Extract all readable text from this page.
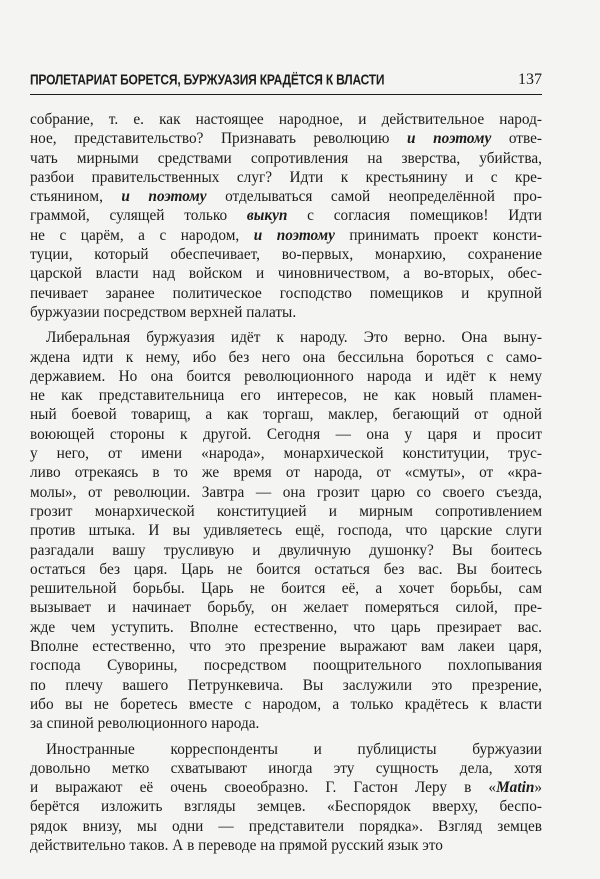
ПРОЛЕТАРИАТ БОРЕТСЯ, БУРЖУАЗИЯ КРАДЁТСЯ К ВЛАСТИ	137

собрание, т. е. как настоящее народное, и действительное народ-
ное, представительство? Признавать революцию и поэтому отве-
чать мирными средствами сопротивления на зверства, убийства,
разбои правительственных слуг? Идти к крестьянину и с кре-
стьянином, и поэтому отделываться самой неопределённой про-
граммой, сулящей только выкуп с согласия помещиков! Идти
не с царём, а с народом, и поэтому принимать проект консти-
туции, который обеспечивает, во-первых, монархию, сохранение
царской власти над войском и чиновничеством, а во-вторых, обес-
печивает заранее политическое господство помещиков и крупной
буржуазии посредством верхней палаты.

Либеральная буржуазия идёт к народу. Это верно. Она выну-
ждена идти к нему, ибо без него она бессильна бороться с само-
державием. Но она боится революционного народа и идёт к нему
не как представительница его интересов, не как новый пламен-
ный боевой товарищ, а как торгаш, маклер, бегающий от одной
воюющей стороны к другой. Сегодня — она у царя и просит
у него, от имени «народа», монархической конституции, трус-
ливо отрекаясь в то же время от народа, от «смуты», от «кра-
молы», от революции. Завтра — она грозит царю со своего съезда,
грозит монархической конституцией и мирным сопротивлением
против штыка. И вы удивляетесь ещё, господа, что царские слуги
разгадали вашу трусливую и двуличную душонку? Вы боитесь
остаться без царя. Царь не боится остаться без вас. Вы боитесь
решительной борьбы. Царь не боится её, а хочет борьбы, сам
вызывает и начинает борьбу, он желает померяться силой, пре-
жде чем уступить. Вполне естественно, что царь презирает вас.
Вполне естественно, что это презрение выражают вам лакеи царя,
господа Суворины, посредством поощрительного похлопывания
по плечу вашего Петрункевича. Вы заслужили это презрение,
ибо вы не боретесь вместе с народом, а только крадётесь к власти
за спиной революционного народа.

Иностранные корреспонденты и публицисты буржуазии
довольно метко схватывают иногда эту сущность дела, хотя
и выражают её очень своеобразно. Г. Гастон Леру в «Matin»
берётся изложить взгляды земцев. «Беспорядок вверху, беспо-
рядок внизу, мы одни — представители порядка». Взгляд земцев
действительно таков. А в переводе на прямой русский язык это
